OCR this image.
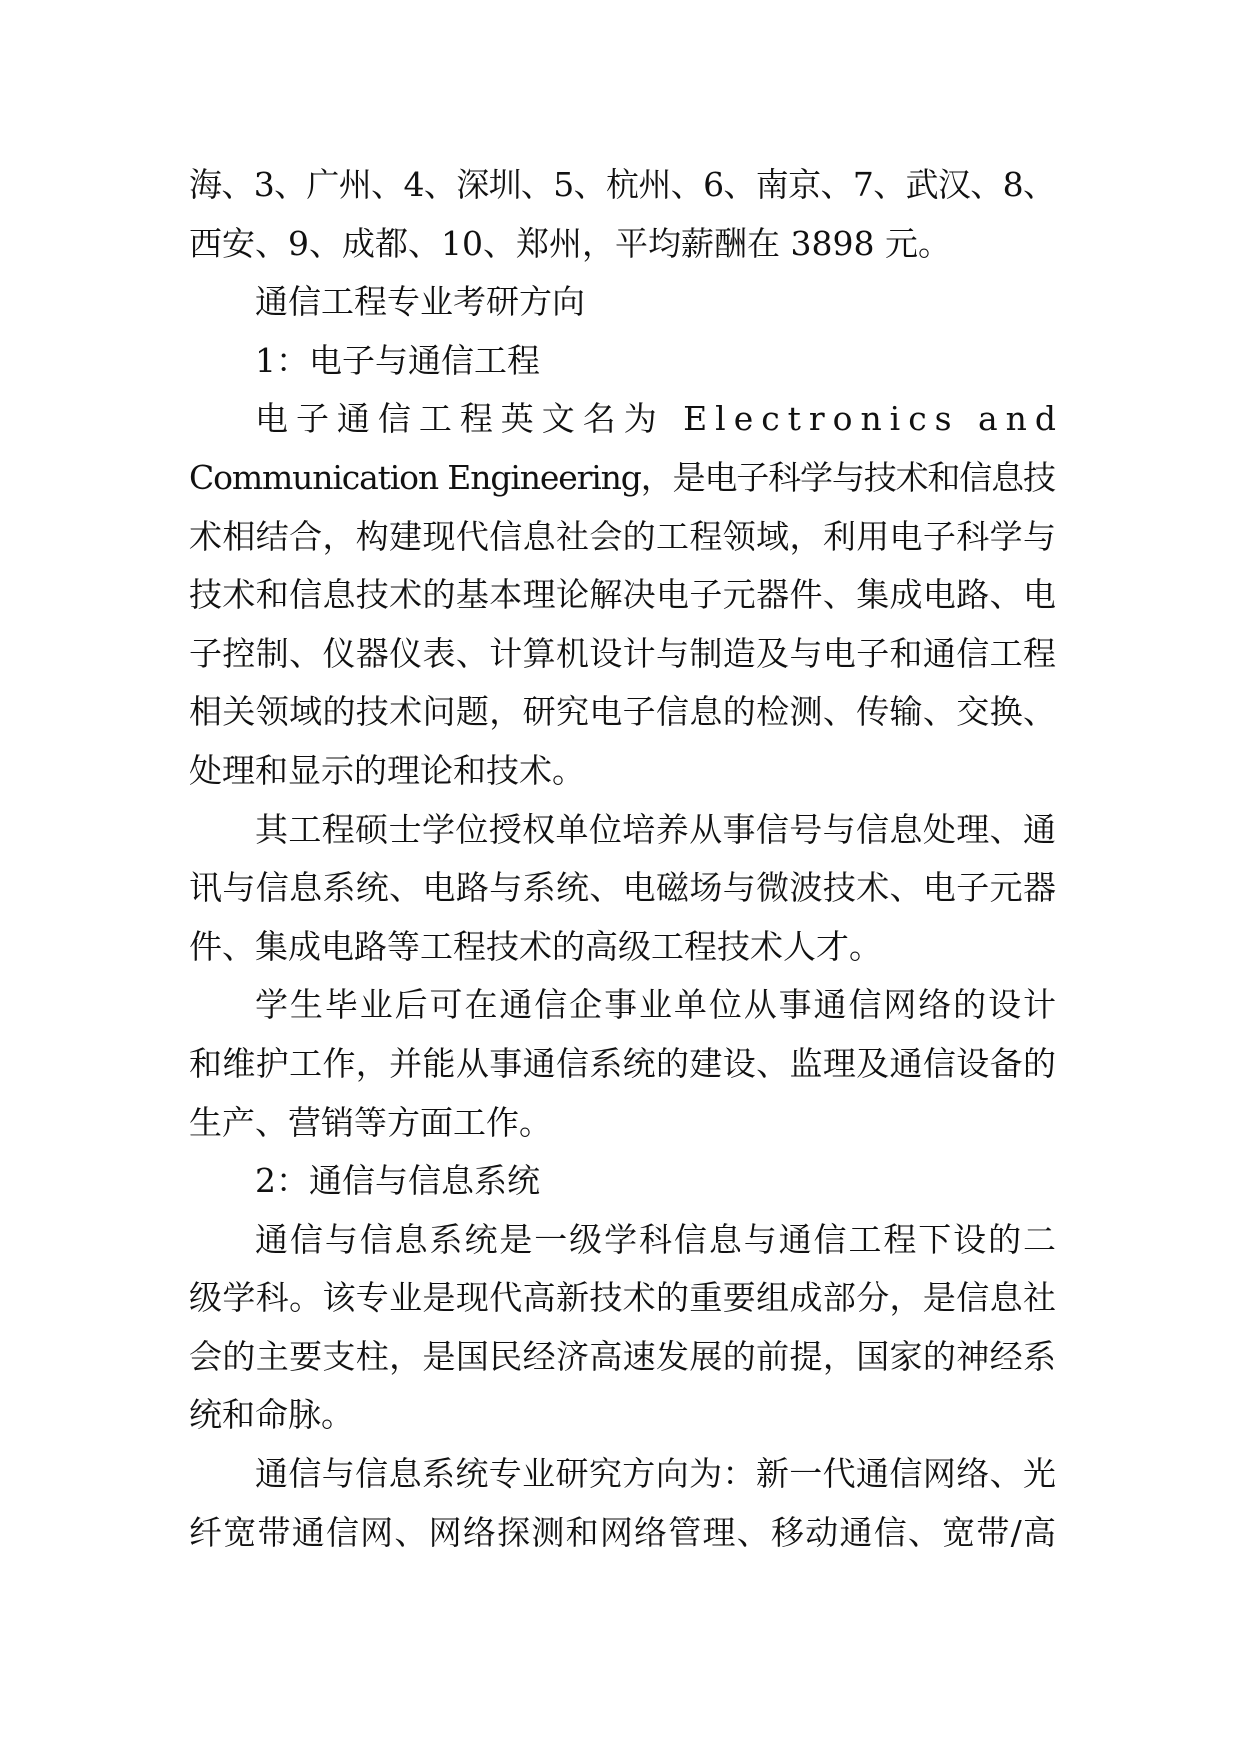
海、3、广州、4、深圳、5、杭州、6、南京、7、武汉、8、
西安、9、成都、10、郑州，平均薪酬在 3898 元。
通信工程专业考研方向
1：电子与通信工程
电子通信工程英文名为 Electronics and
Communication Engineering，是电子科学与技术和信息技
术相结合，构建现代信息社会的工程领域，利用电子科学与
技术和信息技术的基本理论解决电子元器件、集成电路、电
子控制、仪器仪表、计算机设计与制造及与电子和通信工程
相关领域的技术问题，研究电子信息的检测、传输、交换、
处理和显示的理论和技术。
其工程硕士学位授权单位培养从事信号与信息处理、通
讯与信息系统、电路与系统、电磁场与微波技术、电子元器
件、集成电路等工程技术的高级工程技术人才。
学生毕业后可在通信企事业单位从事通信网络的设计
和维护工作，并能从事通信系统的建设、监理及通信设备的
生产、营销等方面工作。
2：通信与信息系统
通信与信息系统是一级学科信息与通信工程下设的二
级学科。该专业是现代高新技术的重要组成部分，是信息社
会的主要支柱，是国民经济高速发展的前提，国家的神经系
统和命脉。
通信与信息系统专业研究方向为：新一代通信网络、光
纤宽带通信网、网络探测和网络管理、移动通信、宽带/高
